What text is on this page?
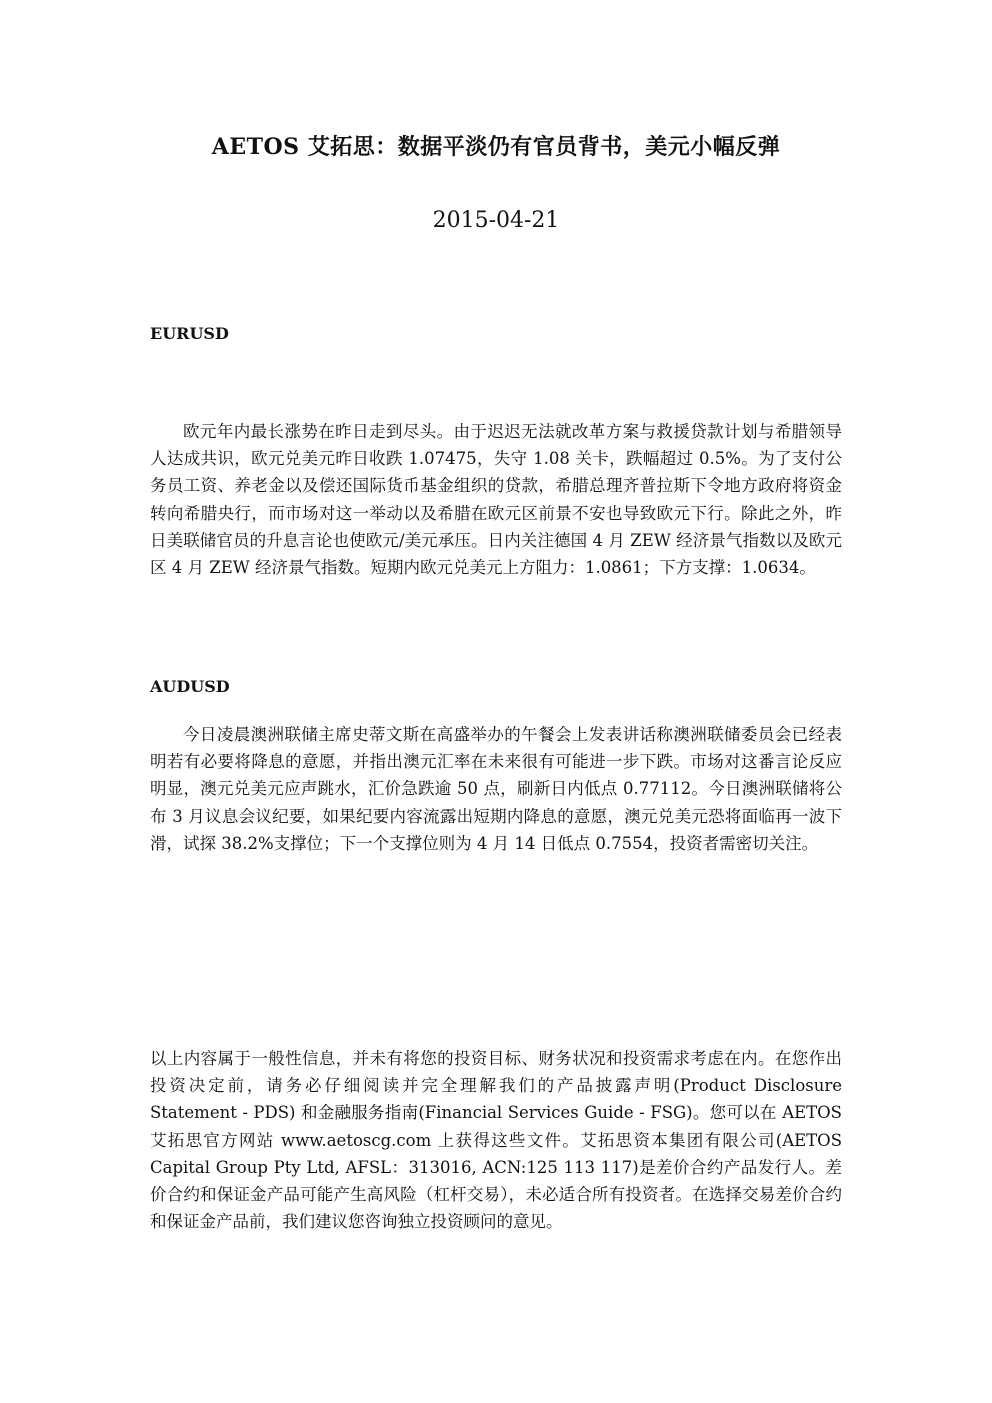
AETOS 艾拓思：数据平淡仍有官员背书，美元小幅反弹
2015-04-21
EURUSD

欧元年内最长涨势在昨日走到尽头。由于迟迟无法就改革方案与救援贷款计划与希腊领导人达成共识，欧元兑美元昨日收跌 1.07475，失守 1.08 关卡，跌幅超过 0.5%。为了支付公务员工资、养老金以及偿还国际货币基金组织的贷款，希腊总理齐普拉斯下令地方政府将资金转向希腊央行，而市场对这一举动以及希腊在欧元区前景不安也导致欧元下行。除此之外，昨日美联储官员的升息言论也使欧元/美元承压。日内关注德国 4 月 ZEW 经济景气指数以及欧元区 4 月 ZEW 经济景气指数。短期内欧元兑美元上方阻力：1.0861；下方支撑：1.0634。

AUDUSD

今日凌晨澳洲联储主席史蒂文斯在高盛举办的午餐会上发表讲话称澳洲联储委员会已经表明若有必要将降息的意愿，并指出澳元汇率在未来很有可能进一步下跌。市场对这番言论反应明显，澳元兑美元应声跳水，汇价急跌逾 50 点，刷新日内低点 0.77112。今日澳洲联储将公布 3 月议息会议纪要，如果纪要内容流露出短期内降息的意愿，澳元兑美元恐将面临再一波下滑，试探 38.2%支撑位；下一个支撑位则为 4 月 14 日低点 0.7554，投资者需密切关注。

以上内容属于一般性信息，并未有将您的投资目标、财务状况和投资需求考虑在内。在您作出投资决定前，请务必仔细阅读并完全理解我们的产品披露声明(Product Disclosure Statement - PDS) 和金融服务指南(Financial Services Guide - FSG)。您可以在 AETOS 艾拓思官方网站 www.aetoscg.com 上获得这些文件。艾拓思资本集团有限公司(AETOS Capital Group Pty Ltd, AFSL：313016, ACN:125 113 117)是差价合约产品发行人。差价合约和保证金产品可能产生高风险（杠杆交易），未必适合所有投资者。在选择交易差价合约和保证金产品前，我们建议您咨询独立投资顾问的意见。
